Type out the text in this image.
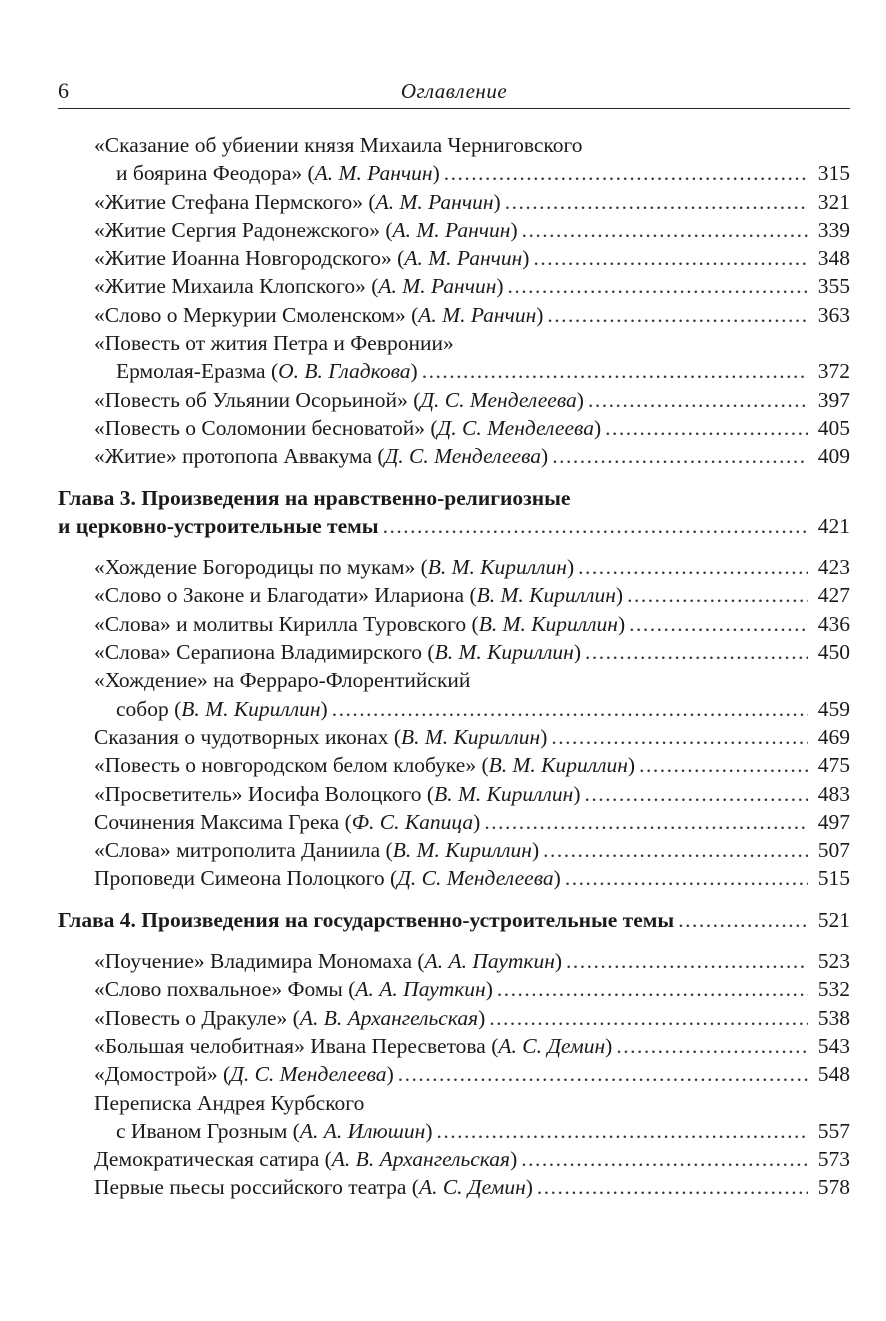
6	Оглавление
«Сказание об убиении князя Михаила Черниговского
и боярина Феодора» (А. М. Ранчин) .....	315
«Житие Стефана Пермского» (А. М. Ранчин) .....	321
«Житие Сергия Радонежского» (А. М. Ранчин) .....	339
«Житие Иоанна Новгородского» (А. М. Ранчин) .....	348
«Житие Михаила Клопского» (А. М. Ранчин) .....	355
«Слово о Меркурии Смоленском» (А. М. Ранчин) .....	363
«Повесть от жития Петра и Февронии»
Ермолая-Еразма (О. В. Гладкова) .....	372
«Повесть об Ульянии Осорьиной» (Д. С. Менделеева) .....	397
«Повесть о Соломонии бесноватой» (Д. С. Менделеева) .....	405
«Житие» протопопа Аввакума (Д. С. Менделеева) .....	409
Глава 3. Произведения на нравственно-религиозные
и церковно-устроительные темы .....	421
«Хождение Богородицы по мукам» (В. М. Кириллин) .....	423
«Слово о Законе и Благодати» Илариона (В. М. Кириллин) .....	427
«Слова» и молитвы Кирилла Туровского (В. М. Кириллин) .....	436
«Слова» Серапиона Владимирского (В. М. Кириллин) .....	450
«Хождение» на Ферраро-Флорентийский
собор (В. М. Кириллин) .....	459
Сказания о чудотворных иконах (В. М. Кириллин) .....	469
«Повесть о новгородском белом клобуке» (В. М. Кириллин) .....	475
«Просветитель» Иосифа Волоцкого (В. М. Кириллин) .....	483
Сочинения Максима Грека (Ф. С. Капица) .....	497
«Слова» митрополита Даниила (В. М. Кириллин) .....	507
Проповеди Симеона Полоцкого (Д. С. Менделеева) .....	515
Глава 4. Произведения на государственно-устроительные темы .....	521
«Поучение» Владимира Мономаха (А. А. Пауткин) .....	523
«Слово похвальное» Фомы (А. А. Пауткин) .....	532
«Повесть о Дракуле» (А. В. Архангельская) .....	538
«Большая челобитная» Ивана Пересветова (А. С. Демин) .....	543
«Домострой» (Д. С. Менделеева) .....	548
Переписка Андрея Курбского
с Иваном Грозным (А. А. Илюшин) .....	557
Демократическая сатира (А. В. Архангельская) .....	573
Первые пьесы российского театра (А. С. Демин) .....	578
